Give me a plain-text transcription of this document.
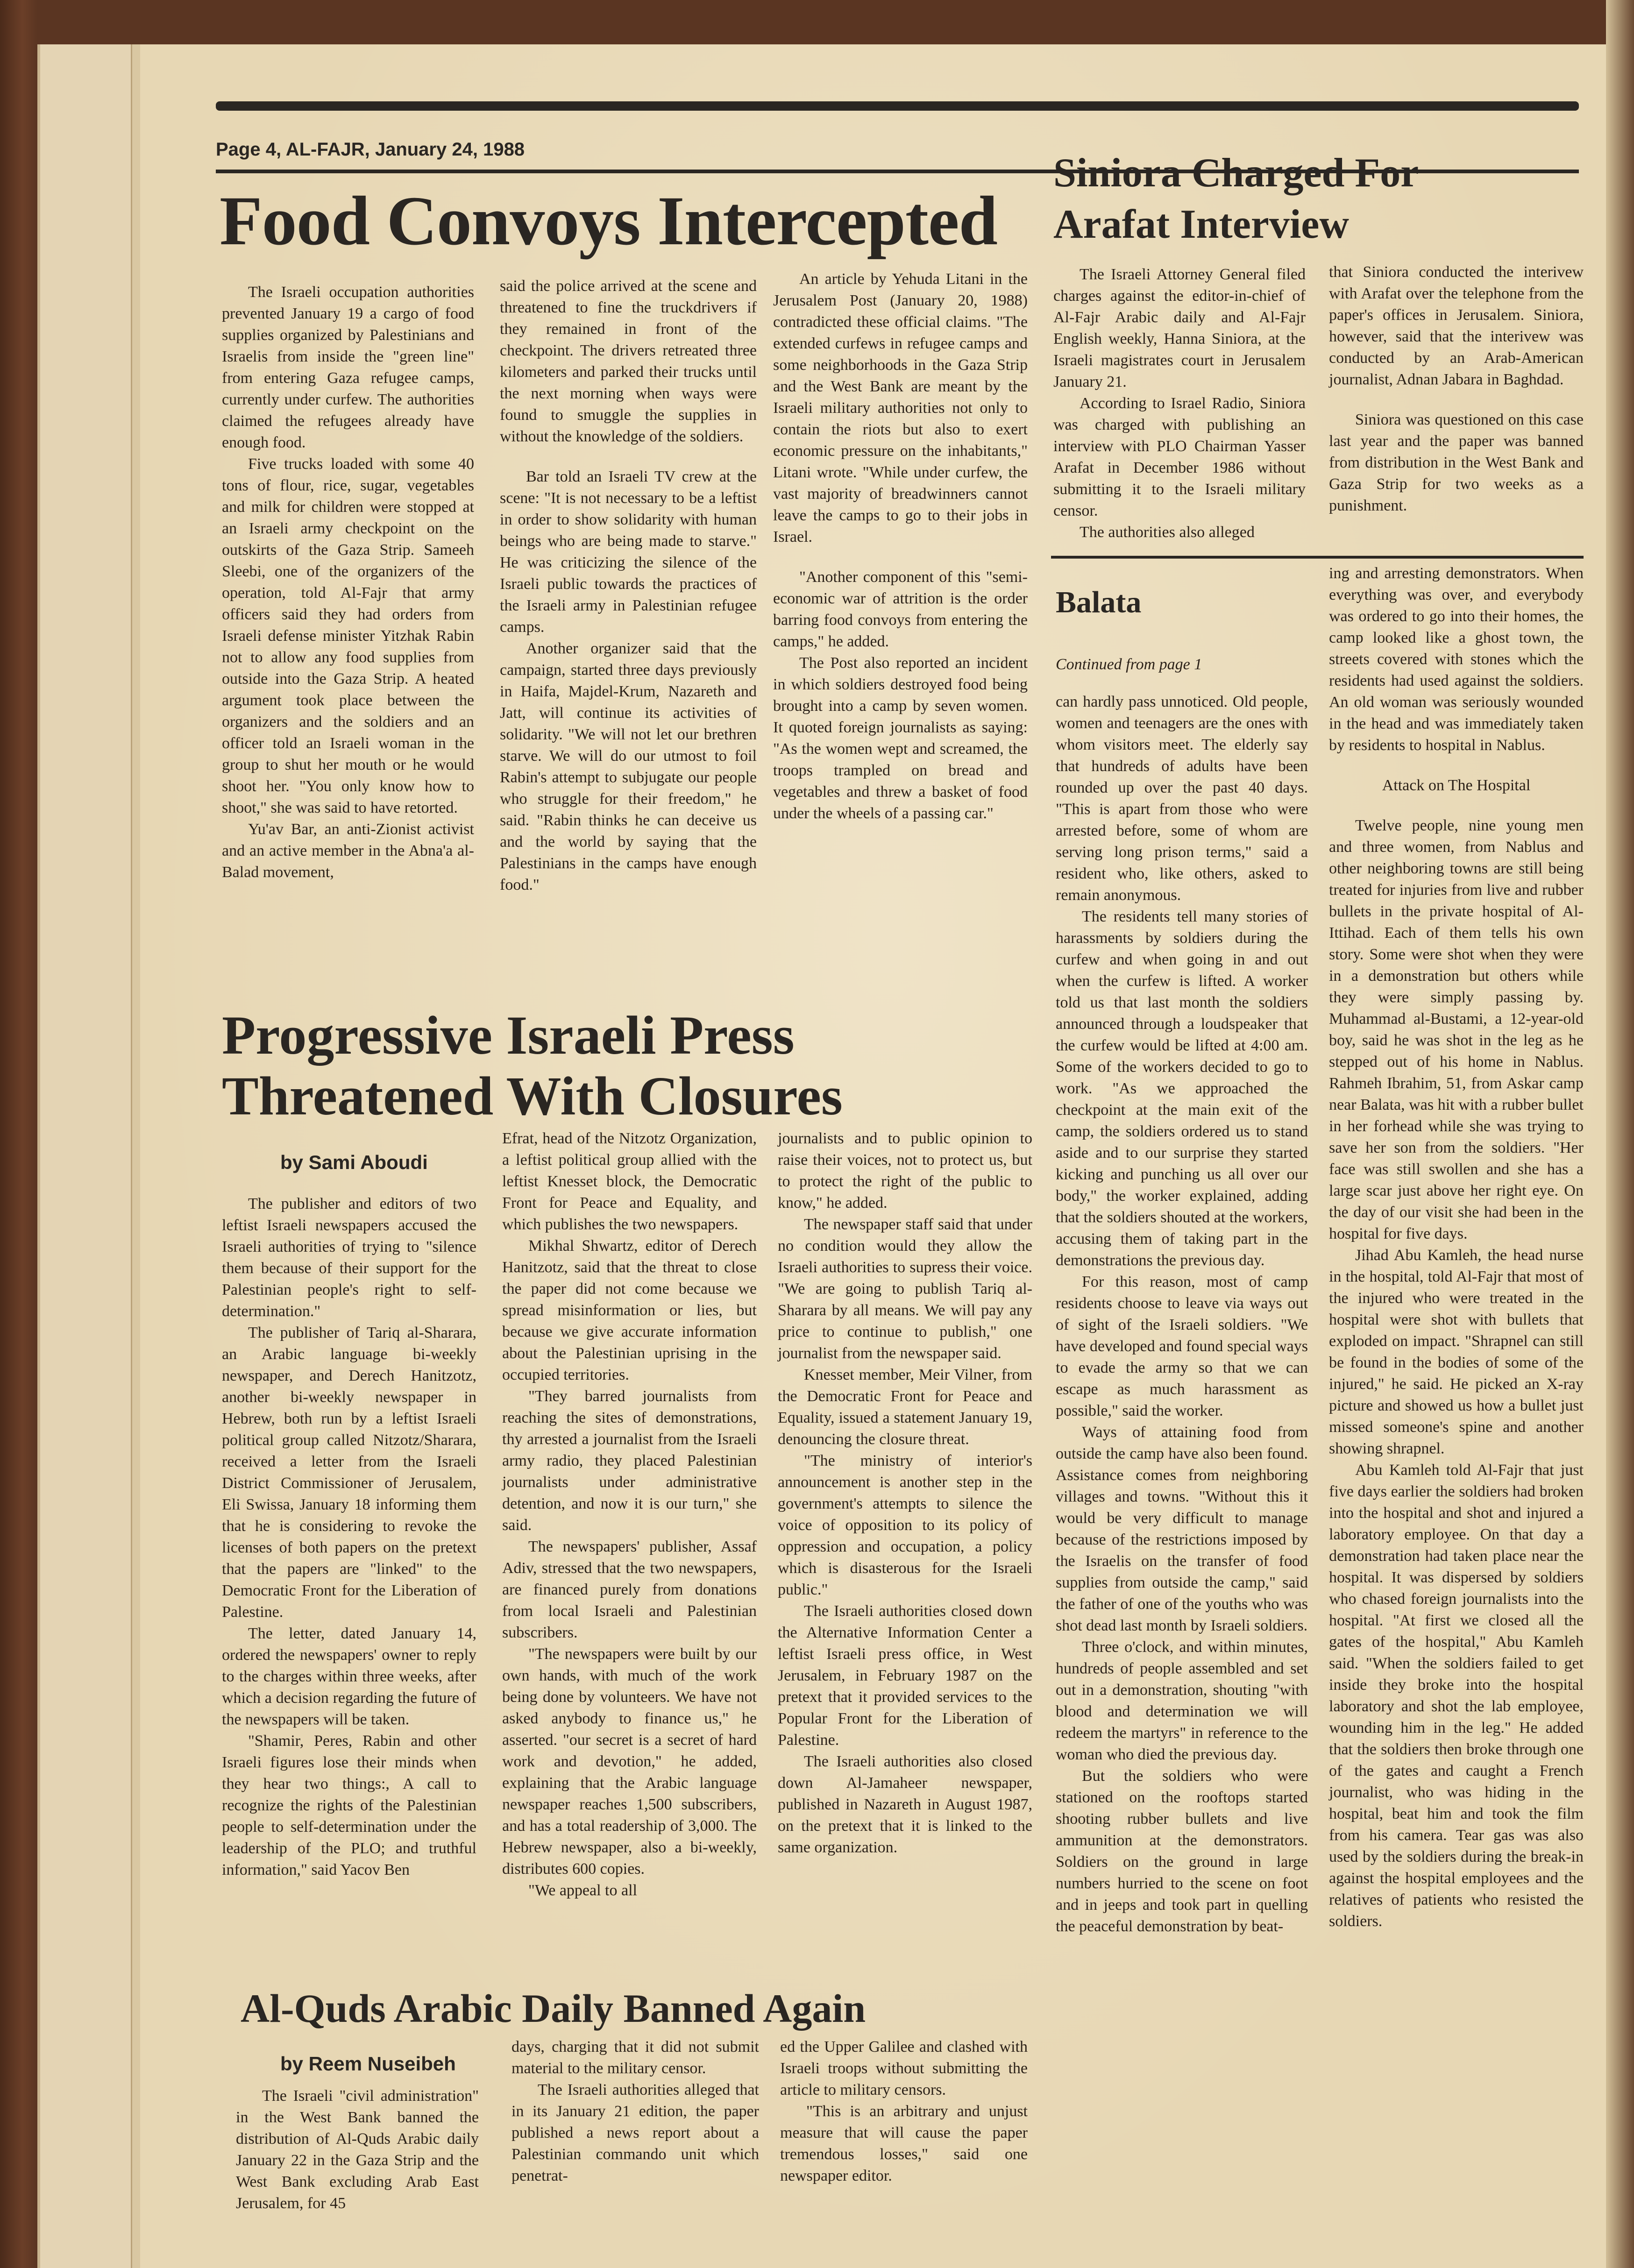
Page 4, AL-FAJR, January 24, 1988
Food Convoys Intercepted

The Israeli occupation authorities prevented January 19 a cargo of food supplies organized by Palestinians and Israelis from inside the "green line" from entering Gaza refugee camps, currently under curfew. The authorities claimed the refugees already have enough food.

Five trucks loaded with some 40 tons of flour, rice, sugar, vegetables and milk for children were stopped at an Israeli army checkpoint on the outskirts of the Gaza Strip. Sameeh Sleebi, one of the organizers of the operation, told Al-Fajr that army officers said they had orders from Israeli defense minister Yitzhak Rabin not to allow any food supplies from outside into the Gaza Strip. A heated argument took place between the organizers and the soldiers and an officer told an Israeli woman in the group to shut her mouth or he would shoot her. "You only know how to shoot," she was said to have retorted.

Yu'av Bar, an anti-Zionist activist and an active member in the Abna'a al-Balad movement,

said the police arrived at the scene and threatened to fine the truckdrivers if they remained in front of the checkpoint. The drivers retreated three kilometers and parked their trucks until the next morning when ways were found to smuggle the supplies in without the knowledge of the soldiers.

Bar told an Israeli TV crew at the scene: "It is not necessary to be a leftist in order to show solidarity with human beings who are being made to starve." He was criticizing the silence of the Israeli public towards the practices of the Israeli army in Palestinian refugee camps.

Another organizer said that the campaign, started three days previously in Haifa, Majdel-Krum, Nazareth and Jatt, will continue its activities of solidarity. "We will not let our brethren starve. We will do our utmost to foil Rabin's attempt to subjugate our people who struggle for their freedom," he said. "Rabin thinks he can deceive us and the world by saying that the Palestinians in the camps have enough food."

An article by Yehuda Litani in the Jerusalem Post (January 20, 1988) contradicted these official claims. "The extended curfews in refugee camps and some neighborhoods in the Gaza Strip and the West Bank are meant by the Israeli military authorities not only to contain the riots but also to exert economic pressure on the inhabitants," Litani wrote. "While under curfew, the vast majority of breadwinners cannot leave the camps to go to their jobs in Israel.

"Another component of this "semi-economic war of attrition is the order barring food convoys from entering the camps," he added.

The Post also reported an incident in which soldiers destroyed food being brought into a camp by seven women. It quoted foreign journalists as saying: "As the women wept and screamed, the troops trampled on bread and vegetables and threw a basket of food under the wheels of a passing car."

Siniora Charged For
Arafat Interview

The Israeli Attorney General filed charges against the editor-in-chief of Al-Fajr Arabic daily and Al-Fajr English weekly, Hanna Siniora, at the Israeli magistrates court in Jerusalem January 21.

According to Israel Radio, Siniora was charged with publishing an interview with PLO Chairman Yasser Arafat in December 1986 without submitting it to the Israeli military censor.

The authorities also alleged

that Siniora conducted the interivew with Arafat over the telephone from the paper's offices in Jerusalem. Siniora, however, said that the interivew was conducted by an Arab-American journalist, Adnan Jabara in Baghdad.

Siniora was questioned on this case last year and the paper was banned from distribution in the West Bank and Gaza Strip for two weeks as a punishment.

Balata

Continued from page 1

can hardly pass unnoticed. Old people, women and teenagers are the ones with whom visitors meet. The elderly say that hundreds of adults have been rounded up over the past 40 days. "This is apart from those who were arrested before, some of whom are serving long prison terms," said a resident who, like others, asked to remain anonymous.

The residents tell many stories of harassments by soldiers during the curfew and when going in and out when the curfew is lifted. A worker told us that last month the soldiers announced through a loudspeaker that the curfew would be lifted at 4:00 am. Some of the workers decided to go to work. "As we approached the checkpoint at the main exit of the camp, the soldiers ordered us to stand aside and to our surprise they started kicking and punching us all over our body," the worker explained, adding that the soldiers shouted at the workers, accusing them of taking part in the demonstrations the previous day.

For this reason, most of camp residents choose to leave via ways out of sight of the Israeli soldiers. "We have developed and found special ways to evade the army so that we can escape as much harassment as possible," said the worker.

Ways of attaining food from outside the camp have also been found. Assistance comes from neighboring villages and towns. "Without this it would be very difficult to manage because of the restrictions imposed by the Israelis on the transfer of food supplies from outside the camp," said the father of one of the youths who was shot dead last month by Israeli soldiers.

Three o'clock, and within minutes, hundreds of people assembled and set out in a demonstration, shouting "with blood and determination we will redeem the martyrs" in reference to the woman who died the previous day.

But the soldiers who were stationed on the rooftops started shooting rubber bullets and live ammunition at the demonstrators. Soldiers on the ground in large numbers hurried to the scene on foot and in jeeps and took part in quelling the peaceful demonstration by beat-

ing and arresting demonstrators. When everything was over, and everybody was ordered to go into their homes, the camp looked like a ghost town, the streets covered with stones which the residents had used against the soldiers. An old woman was seriously wounded in the head and was immediately taken by residents to hospital in Nablus.

Attack on The Hospital

Twelve people, nine young men and three women, from Nablus and other neighboring towns are still being treated for injuries from live and rubber bullets in the private hospital of Al-Ittihad. Each of them tells his own story. Some were shot when they were in a demonstration but others while they were simply passing by. Muhammad al-Bustami, a 12-year-old boy, said he was shot in the leg as he stepped out of his home in Nablus. Rahmeh Ibrahim, 51, from Askar camp near Balata, was hit with a rubber bullet in her forhead while she was trying to save her son from the soldiers. "Her face was still swollen and she has a large scar just above her right eye. On the day of our visit she had been in the hospital for five days.

Jihad Abu Kamleh, the head nurse in the hospital, told Al-Fajr that most of the injured who were treated in the hospital were shot with bullets that exploded on impact. "Shrapnel can still be found in the bodies of some of the injured," he said. He picked an X-ray picture and showed us how a bullet just missed someone's spine and another showing shrapnel.

Abu Kamleh told Al-Fajr that just five days earlier the soldiers had broken into the hospital and shot and injured a laboratory employee. On that day a demonstration had taken place near the hospital. It was dispersed by soldiers who chased foreign journalists into the hospital. "At first we closed all the gates of the hospital," Abu Kamleh said. "When the soldiers failed to get inside they broke into the hospital laboratory and shot the lab employee, wounding him in the leg." He added that the soldiers then broke through one of the gates and caught a French journalist, who was hiding in the hospital, beat him and took the film from his camera. Tear gas was also used by the soldiers during the break-in against the hospital employees and the relatives of patients who resisted the soldiers.

Progressive Israeli Press
Threatened With Closures
by Sami Aboudi

The publisher and editors of two leftist Israeli newspapers accused the Israeli authorities of trying to "silence them because of their support for the Palestinian people's right to self-determination."

The publisher of Tariq al-Sharara, an Arabic language bi-weekly newspaper, and Derech Hanitzotz, another bi-weekly newspaper in Hebrew, both run by a leftist Israeli political group called Nitzotz/Sharara, received a letter from the Israeli District Commissioner of Jerusalem, Eli Swissa, January 18 informing them that he is considering to revoke the licenses of both papers on the pretext that the papers are "linked" to the Democratic Front for the Liberation of Palestine.

The letter, dated January 14, ordered the newspapers' owner to reply to the charges within three weeks, after which a decision regarding the future of the newspapers will be taken.

"Shamir, Peres, Rabin and other Israeli figures lose their minds when they hear two things:, A call to recognize the rights of the Palestinian people to self-determination under the leadership of the PLO; and truthful information," said Yacov Ben

Efrat, head of the Nitzotz Organization, a leftist political group allied with the leftist Knesset block, the Democratic Front for Peace and Equality, and which publishes the two newspapers.

Mikhal Shwartz, editor of Derech Hanitzotz, said that the threat to close the paper did not come because we spread misinformation or lies, but because we give accurate information about the Palestinian uprising in the occupied territories.

"They barred journalists from reaching the sites of demonstrations, thy arrested a journalist from the Israeli army radio, they placed Palestinian journalists under administrative detention, and now it is our turn," she said.

The newspapers' publisher, Assaf Adiv, stressed that the two newspapers, are financed purely from donations from local Israeli and Palestinian subscribers.

"The newspapers were built by our own hands, with much of the work being done by volunteers. We have not asked anybody to finance us," he asserted. "our secret is a secret of hard work and devotion," he added, explaining that the Arabic language newspaper reaches 1,500 subscribers, and has a total readership of 3,000. The Hebrew newspaper, also a bi-weekly, distributes 600 copies.

"We appeal to all

journalists and to public opinion to raise their voices, not to protect us, but to protect the right of the public to know," he added.

The newspaper staff said that under no condition would they allow the Israeli authorities to supress their voice. "We are going to publish Tariq al-Sharara by all means. We will pay any price to continue to publish," one journalist from the newspaper said.

Knesset member, Meir Vilner, from the Democratic Front for Peace and Equality, issued a statement January 19, denouncing the closure threat.

"The ministry of interior's announcement is another step in the government's attempts to silence the voice of opposition to its policy of oppression and occupation, a policy which is disasterous for the Israeli public."

The Israeli authorities closed down the Alternative Information Center a leftist Israeli press office, in West Jerusalem, in February 1987 on the pretext that it provided services to the Popular Front for the Liberation of Palestine.

The Israeli authorities also closed down Al-Jamaheer newspaper, published in Nazareth in August 1987, on the pretext that it is linked to the same organization.

Al-Quds Arabic Daily Banned Again
by Reem Nuseibeh

The Israeli "civil administration" in the West Bank banned the distribution of Al-Quds Arabic daily January 22 in the Gaza Strip and the West Bank excluding Arab East Jerusalem, for 45

days, charging that it did not submit material to the military censor.

The Israeli authorities alleged that in its January 21 edition, the paper published a news report about a Palestinian commando unit which penetrat-

ed the Upper Galilee and clashed with Israeli troops without submitting the article to military censors.

"This is an arbitrary and unjust measure that will cause the paper tremendous losses," said one newspaper editor.
